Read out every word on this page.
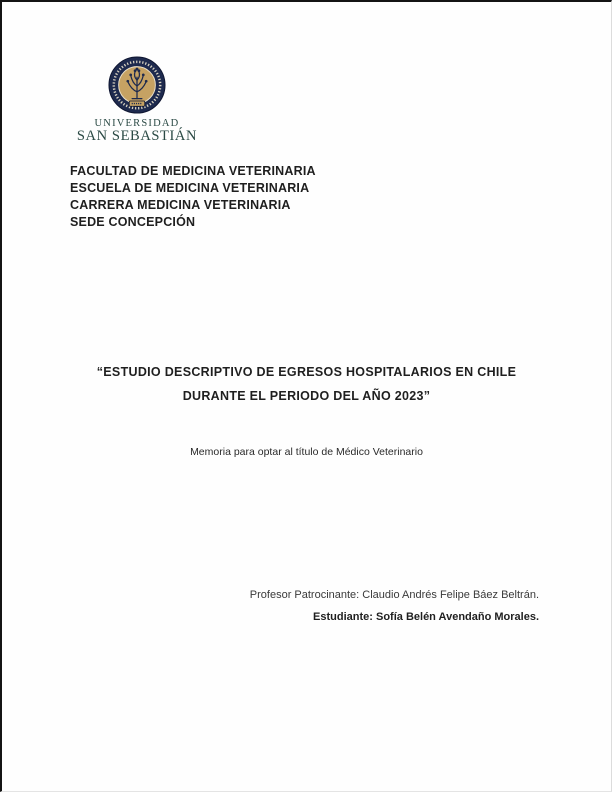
UNIVERSIDAD
SAN SEBASTIÁN
FACULTAD DE MEDICINA VETERINARIA
ESCUELA DE MEDICINA VETERINARIA
CARRERA MEDICINA VETERINARIA
SEDE CONCEPCIÓN
“ESTUDIO DESCRIPTIVO DE EGRESOS HOSPITALARIOS EN CHILE
DURANTE EL PERIODO DEL AÑO 2023”
Memoria para optar al título de Médico Veterinario
Profesor Patrocinante: Claudio Andrés Felipe Báez Beltrán.
Estudiante: Sofía Belén Avendaño Morales.
